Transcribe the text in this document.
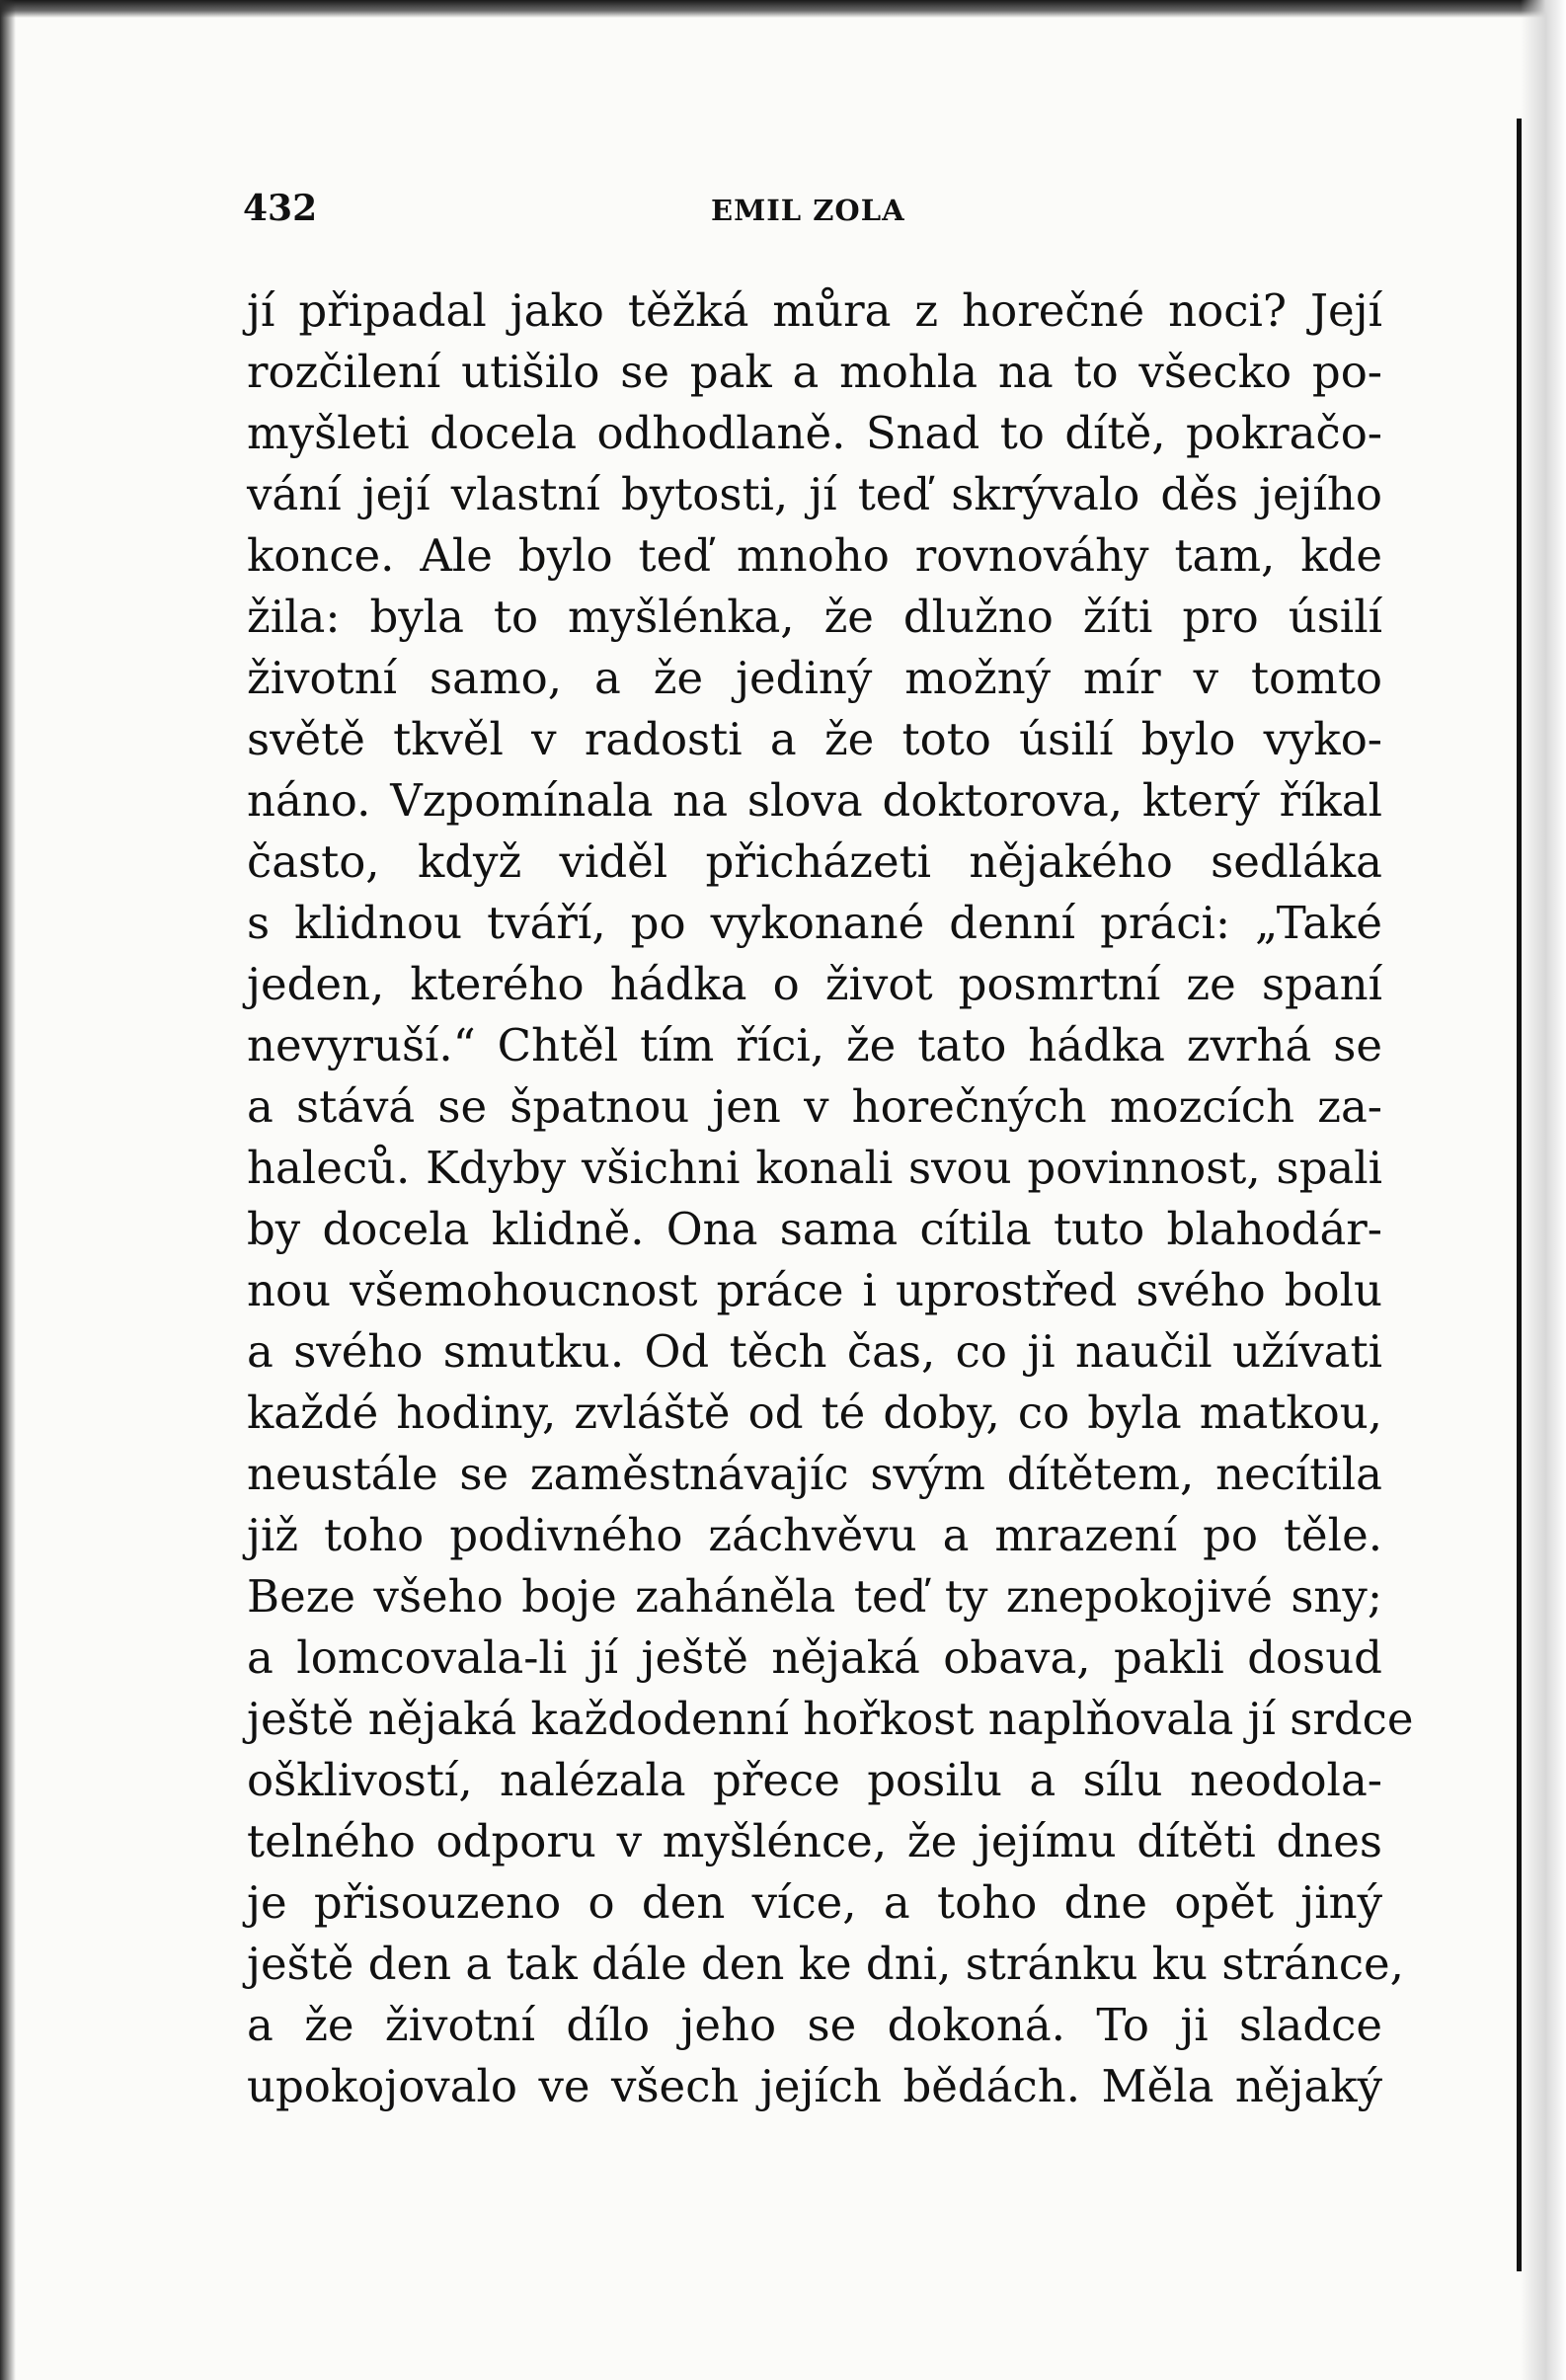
432	EMIL ZOLA
jí připadal jako těžká můra z horečné noci? Její
rozčilení utišilo se pak a mohla na to všecko po-
myšleti docela odhodlaně. Snad to dítě, pokračo-
vání její vlastní bytosti, jí teď skrývalo děs jejího
konce. Ale bylo teď mnoho rovnováhy tam, kde
žila: byla to myšlénka, že dlužno žíti pro úsilí
životní samo, a že jediný možný mír v tomto
světě tkvěl v radosti a že toto úsilí bylo vyko-
náno. Vzpomínala na slova doktorova, který říkal
často, když viděl přicházeti nějakého sedláka
s klidnou tváří, po vykonané denní práci: „Také
jeden, kterého hádka o život posmrtní ze spaní
nevyruší.“ Chtěl tím říci, že tato hádka zvrhá se
a stává se špatnou jen v horečných mozcích za-
haleců. Kdyby všichni konali svou povinnost, spali
by docela klidně. Ona sama cítila tuto blahodár-
nou všemohoucnost práce i uprostřed svého bolu
a svého smutku. Od těch čas, co ji naučil užívati
každé hodiny, zvláště od té doby, co byla matkou,
neustále se zaměstnávajíc svým dítětem, necítila
již toho podivného záchvěvu a mrazení po těle.
Beze všeho boje zaháněla teď ty znepokojivé sny;
a lomcovala-li jí ještě nějaká obava, pakli dosud
ještě nějaká každodenní hořkost naplňovala jí srdce
ošklivostí, nalézala přece posilu a sílu neodola-
telného odporu v myšlénce, že jejímu dítěti dnes
je přisouzeno o den více, a toho dne opět jiný
ještě den a tak dále den ke dni, stránku ku stránce,
a že životní dílo jeho se dokoná. To ji sladce
upokojovalo ve všech jejích bědách. Měla nějaký
